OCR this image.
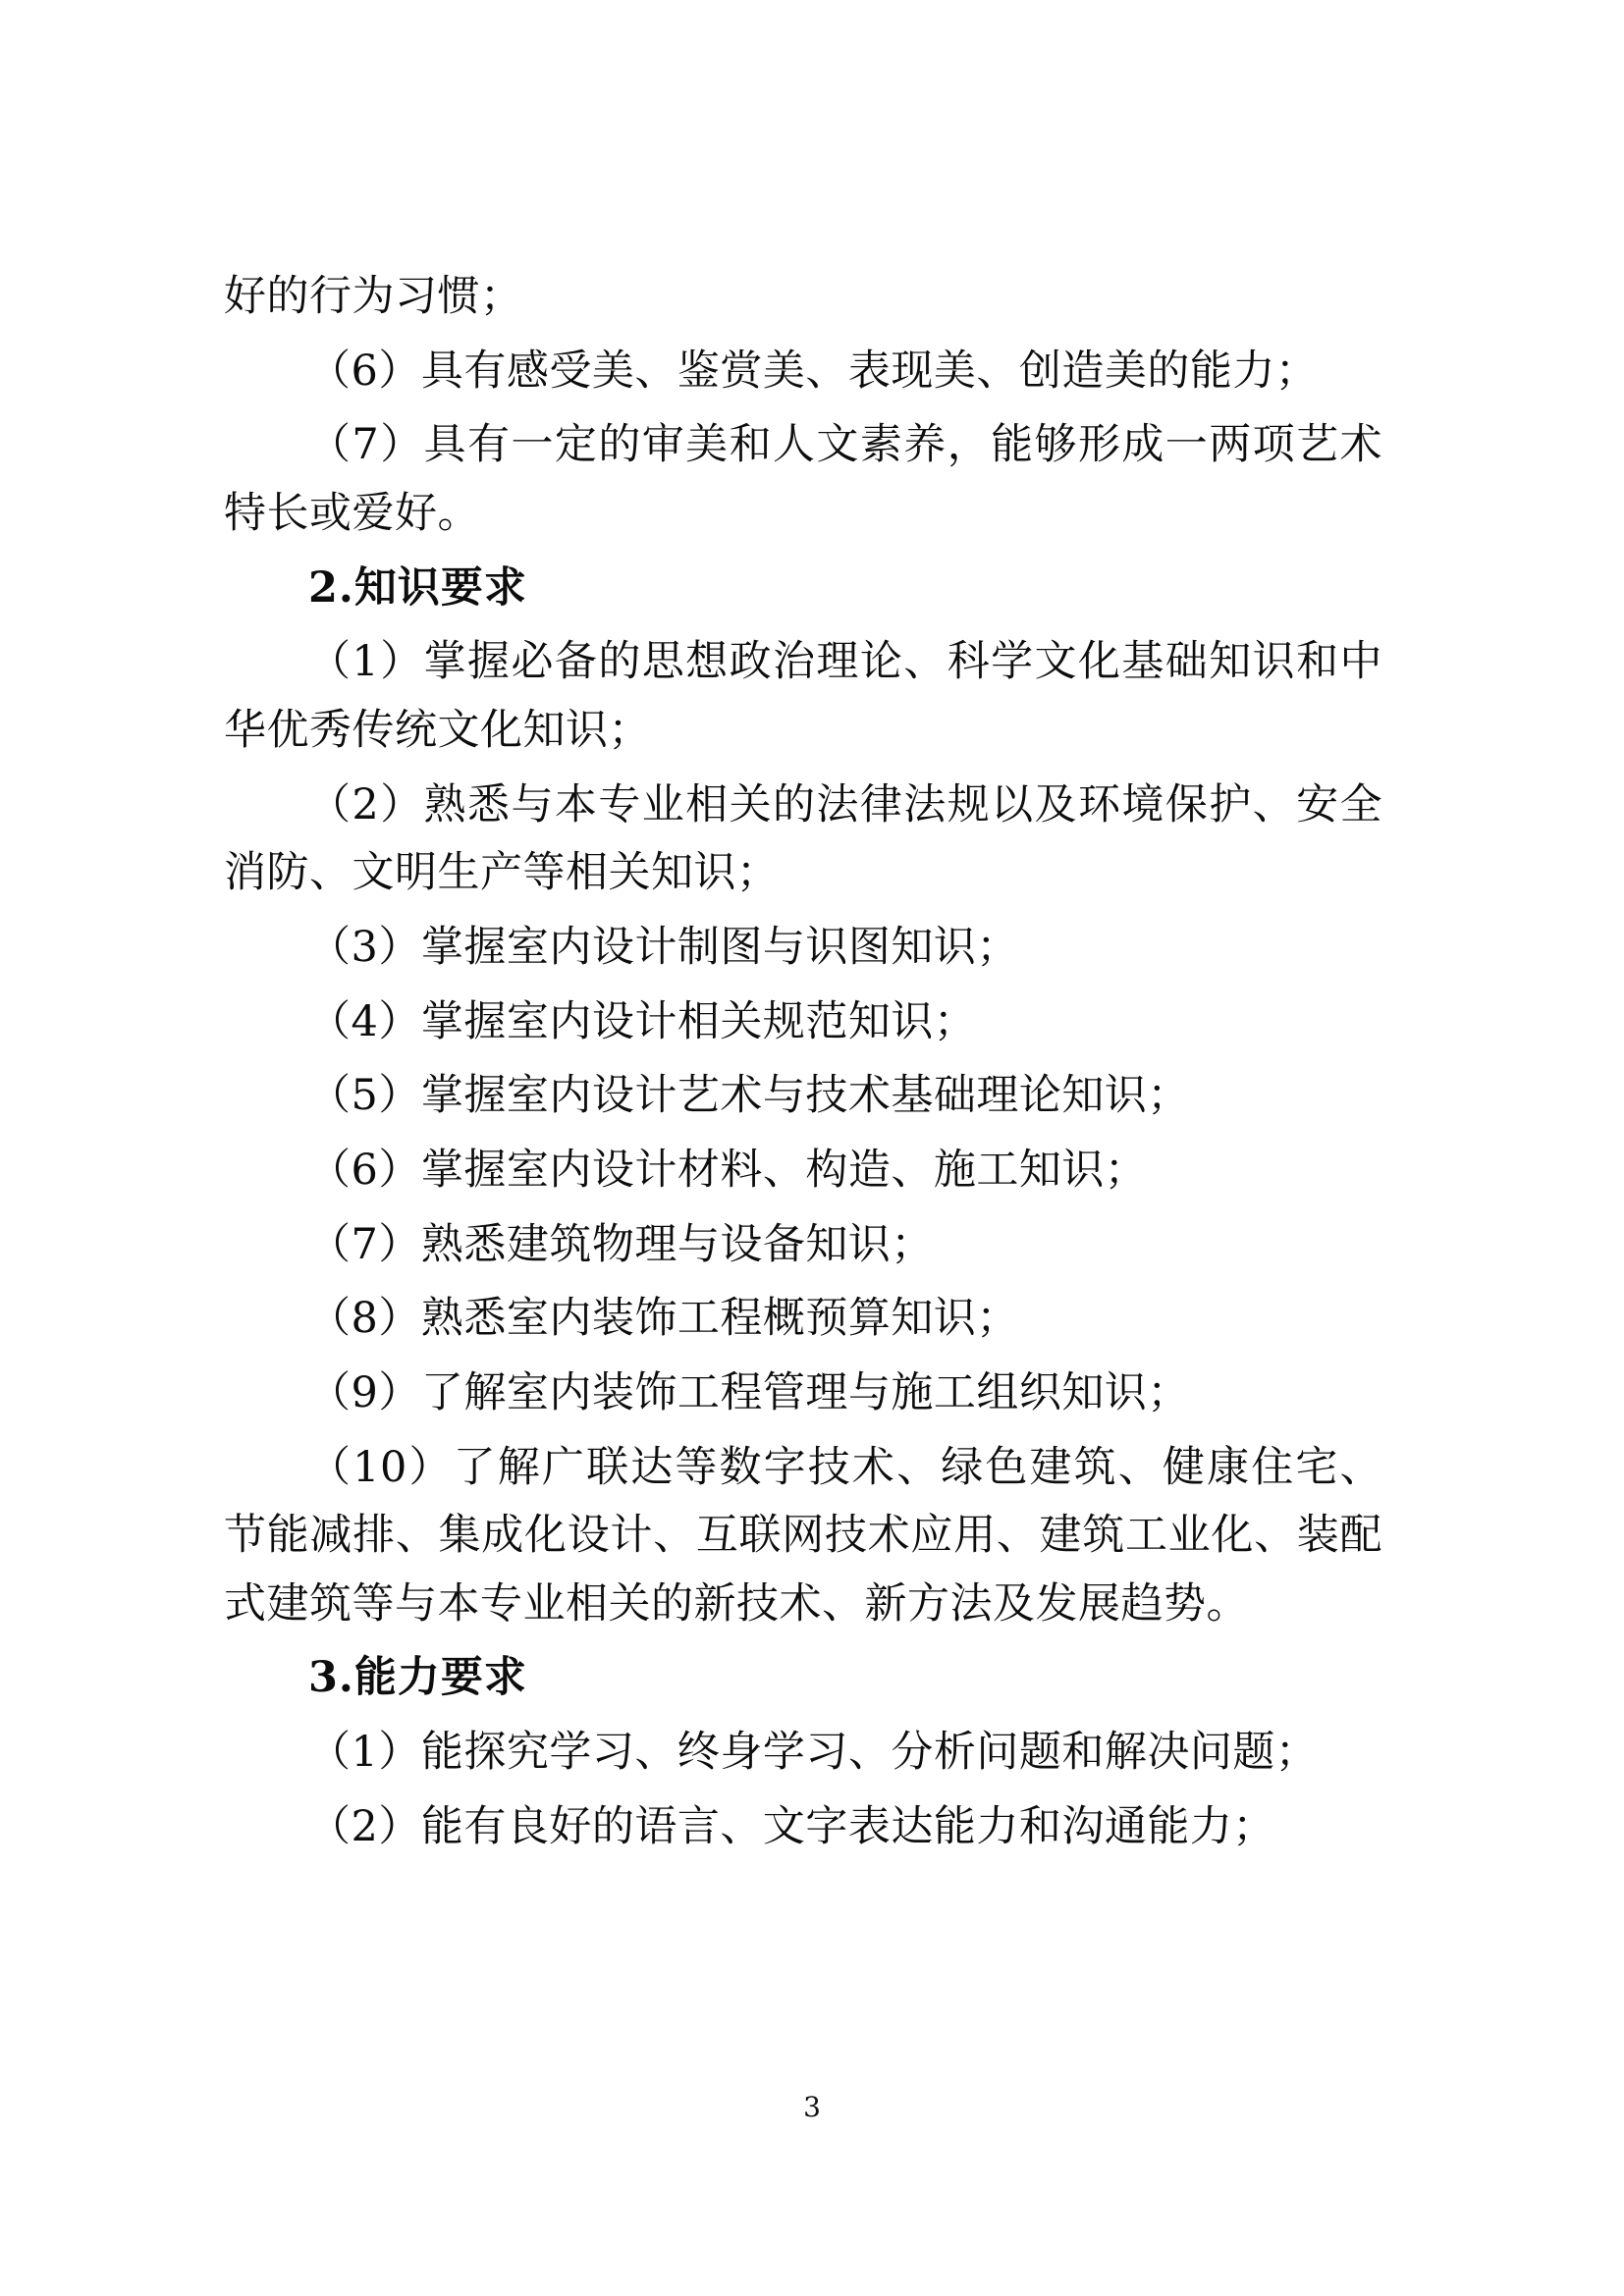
好的行为习惯；

（6）具有感受美、鉴赏美、表现美、创造美的能力；

（7）具有一定的审美和人文素养，能够形成一两项艺术特长或爱好。

2.知识要求

（1）掌握必备的思想政治理论、科学文化基础知识和中华优秀传统文化知识；

（2）熟悉与本专业相关的法律法规以及环境保护、安全消防、文明生产等相关知识；

（3）掌握室内设计制图与识图知识；

（4）掌握室内设计相关规范知识；

（5）掌握室内设计艺术与技术基础理论知识；

（6）掌握室内设计材料、构造、施工知识；

（7）熟悉建筑物理与设备知识；

（8）熟悉室内装饰工程概预算知识；

（9）了解室内装饰工程管理与施工组织知识；

（10）了解广联达等数字技术、绿色建筑、健康住宅、节能减排、集成化设计、互联网技术应用、建筑工业化、装配式建筑等与本专业相关的新技术、新方法及发展趋势。

3.能力要求

（1）能探究学习、终身学习、分析问题和解决问题；

（2）能有良好的语言、文字表达能力和沟通能力；

3
